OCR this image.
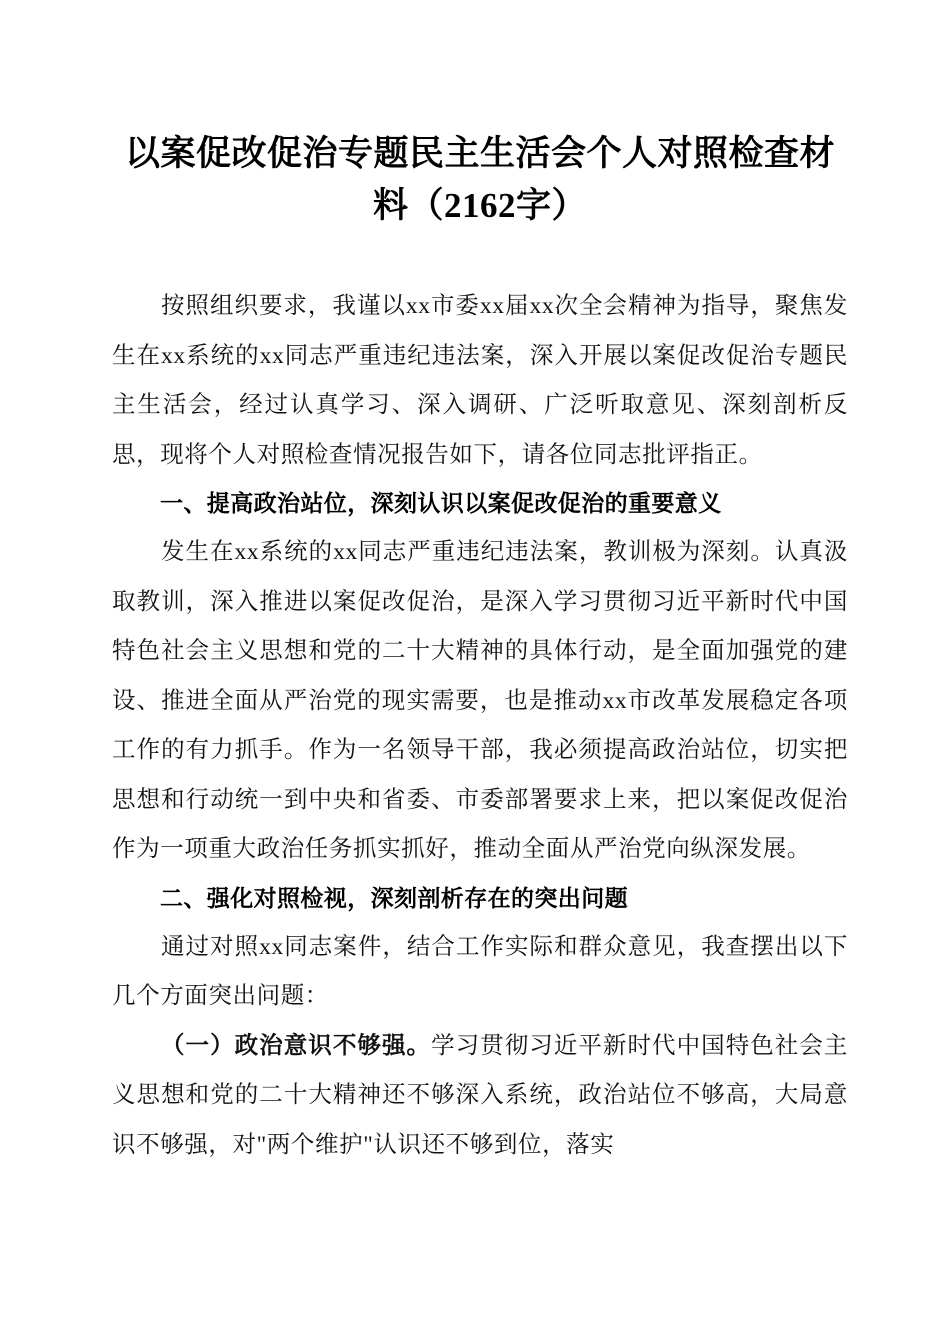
以案促改促治专题民主生活会个人对照检查材 料（2162字）

按照组织要求，我谨以xx市委xx届xx次全会精神为指导，聚焦发生在xx系统的xx同志严重违纪违法案，深入开展以案促改促治专题民主生活会，经过认真学习、深入调研、广泛听取意见、深刻剖析反思，现将个人对照检查情况报告如下，请各位同志批评指正。

一、提高政治站位，深刻认识以案促改促治的重要意义

发生在xx系统的xx同志严重违纪违法案，教训极为深刻。认真汲取教训，深入推进以案促改促治，是深入学习贯彻习近平新时代中国特色社会主义思想和党的二十大精神的具体行动，是全面加强党的建设、推进全面从严治党的现实需要，也是推动xx市改革发展稳定各项工作的有力抓手。作为一名领导干部，我必须提高政治站位，切实把思想和行动统一到中央和省委、市委部署要求上来，把以案促改促治作为一项重大政治任务抓实抓好，推动全面从严治党向纵深发展。

二、强化对照检视，深刻剖析存在的突出问题

通过对照xx同志案件，结合工作实际和群众意见，我查摆出以下几个方面突出问题：

（一）政治意识不够强。学习贯彻习近平新时代中国特色社会主义思想和党的二十大精神还不够深入系统，政治站位不够高，大局意识不够强，对"两个维护"认识还不够到位，落实
